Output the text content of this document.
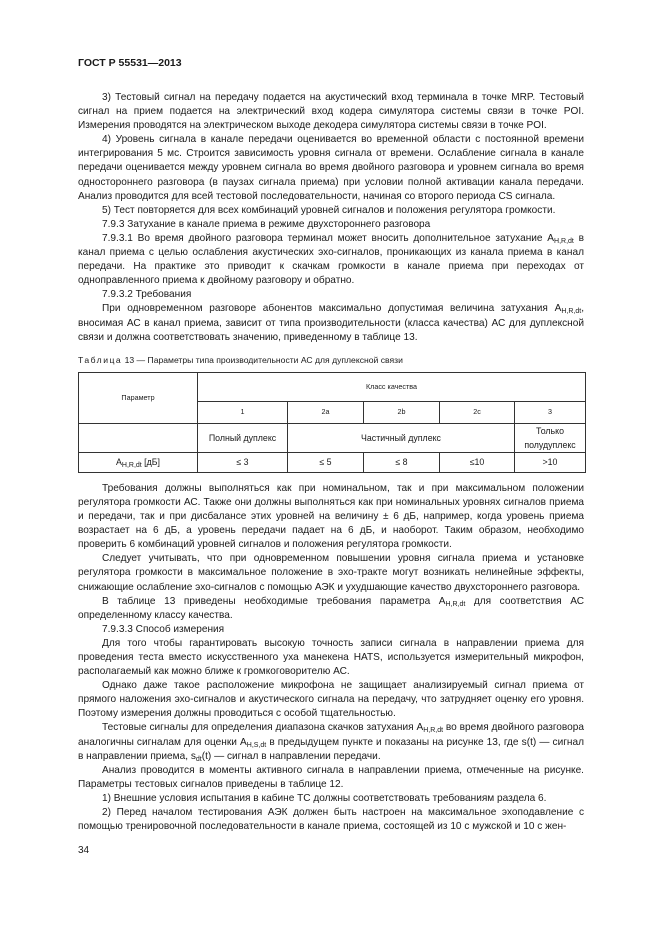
ГОСТ Р 55531—2013

3) Тестовый сигнал на передачу подается на акустический вход терминала в точке MRP. Тестовый сигнал на прием подается на электрический вход кодера симулятора системы связи в точке POI. Измерения проводятся на электрическом выходе декодера симулятора системы связи в точке POI.

4) Уровень сигнала в канале передачи оценивается во временной области с постоянной времени интегрирования 5 мс. Строится зависимость уровня сигнала от времени. Ослабление сигнала в канале передачи оценивается между уровнем сигнала во время двойного разговора и уровнем сигнала во время одностороннего разговора (в паузах сигнала приема) при условии полной активации канала передачи. Анализ проводится для всей тестовой последовательности, начиная со второго периода CS сигнала.

5) Тест повторяется для всех комбинаций уровней сигналов и положения регулятора громкости.

7.9.3 Затухание в канале приема в режиме двухстороннего разговора

7.9.3.1 Во время двойного разговора терминал может вносить дополнительное затухание $A_{H,R,dt}$ в канал приема с целью ослабления акустических эхо-сигналов, проникающих из канала приема в канал передачи. На практике это приводит к скачкам громкости в канале приема при переходах от одноправленного приема к двойному разговору и обратно.

7.9.3.2 Требования

При одновременном разговоре абонентов максимально допустимая величина затухания $A_{H,R,dt}$, вносимая АС в канал приема, зависит от типа производительности (класса качества) АС для дуплексной связи и должна соответствовать значению, приведенному в таблице 13.

Таблица 13 — Параметры типа производительности АС для дуплексной связи

Параметр	Класс качества				
	1	2a	2b	2c	3
	Полный дуплекс	Частичный дуплекс			Только полудуплекс
$A_{H,R,dt}$ [дБ]	≤ 3	≤ 5	≤ 8	≤10	>10

Требования должны выполняться как при номинальном, так и при максимальном положении регулятора громкости АС. Также они должны выполняться как при номинальных уровнях сигналов приема и передачи, так и при дисбалансе этих уровней на величину ± 6 дБ, например, когда уровень приема возрастает на 6 дБ, а уровень передачи падает на 6 дБ, и наоборот. Таким образом, необходимо проверить 6 комбинаций уровней сигналов и положения регулятора громкости.

Следует учитывать, что при одновременном повышении уровня сигнала приема и установке регулятора громкости в максимальное положение в эхо-тракте могут возникать нелинейные эффекты, снижающие ослабление эхо-сигналов с помощью АЭК и ухудшающие качество двухстороннего разговора.

В таблице 13 приведены необходимые требования параметра $A_{H,R,dt}$ для соответствия АС определенному классу качества.

7.9.3.3 Способ измерения

Для того чтобы гарантировать высокую точность записи сигнала в направлении приема для проведения теста вместо искусственного уха манекена HATS, используется измерительный микрофон, располагаемый как можно ближе к громкоговорителю АС.

Однако даже такое расположение микрофона не защищает анализируемый сигнал приема от прямого наложения эхо-сигналов и акустического сигнала на передачу, что затрудняет оценку его уровня. Поэтому измерения должны проводиться с особой тщательностью.

Тестовые сигналы для определения диапазона скачков затухания $A_{H,R,dt}$ во время двойного разговора аналогичны сигналам для оценки $A_{H,S,dt}$ в предыдущем пункте и показаны на рисунке 13, где s(t) — сигнал в направлении приема, $s_{dt}(t)$ — сигнал в направлении передачи.

Анализ проводится в моменты активного сигнала в направлении приема, отмеченные на рисунке. Параметры тестовых сигналов приведены в таблице 12.

1) Внешние условия испытания в кабине ТС должны соответствовать требованиям раздела 6.

2) Перед началом тестирования АЭК должен быть настроен на максимальное эхоподавление с помощью тренировочной последовательности в канале приема, состоящей из 10 с мужской и 10 с жен-

34
